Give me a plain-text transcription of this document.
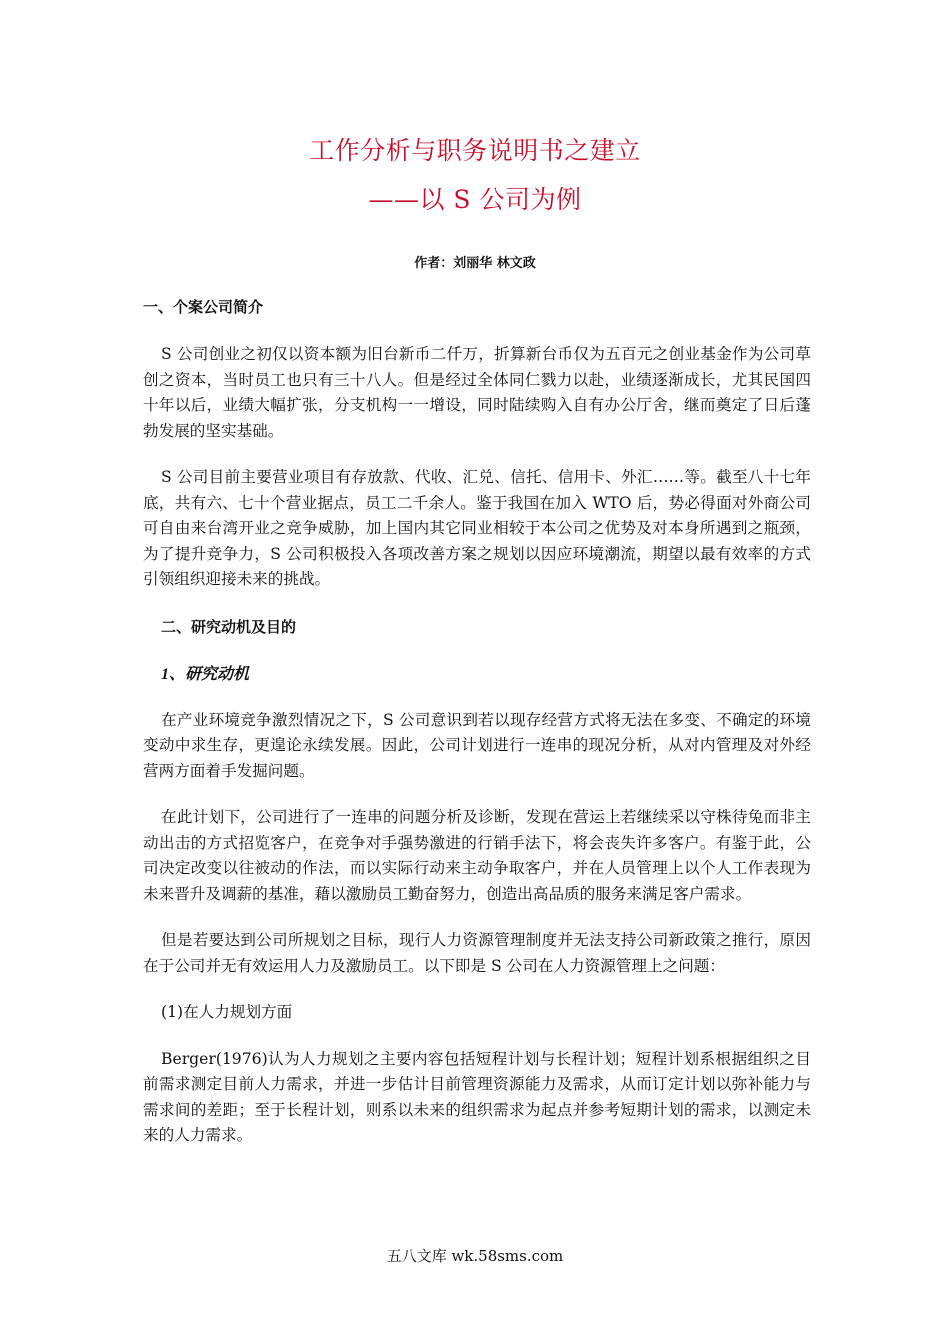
工作分析与职务说明书之建立
——以 S 公司为例
作者：刘丽华 林文政
一、个案公司简介

S 公司创业之初仅以资本额为旧台新币二仟万，折算新台币仅为五百元之创业基金作为公司草创之资本，当时员工也只有三十八人。但是经过全体同仁戮力以赴，业绩逐渐成长，尤其民国四十年以后，业绩大幅扩张，分支机构一一增设，同时陆续购入自有办公厅舍，继而奠定了日后蓬勃发展的坚实基础。

S 公司目前主要营业项目有存放款、代收、汇兑、信托、信用卡、外汇……等。截至八十七年底，共有六、七十个营业据点，员工二千余人。鉴于我国在加入 WTO 后，势必得面对外商公司可自由来台湾开业之竞争威胁，加上国内其它同业相较于本公司之优势及对本身所遇到之瓶颈，为了提升竞争力，S 公司积极投入各项改善方案之规划以因应环境潮流，期望以最有效率的方式引领组织迎接未来的挑战。

二、研究动机及目的
1、研究动机

在产业环境竞争激烈情况之下，S 公司意识到若以现存经营方式将无法在多变、不确定的环境变动中求生存，更遑论永续发展。因此，公司计划进行一连串的现况分析，从对内管理及对外经营两方面着手发掘问题。

在此计划下，公司进行了一连串的问题分析及诊断，发现在营运上若继续采以守株待兔而非主动出击的方式招览客户，在竞争对手强势激进的行销手法下，将会丧失许多客户。有鉴于此，公司决定改变以往被动的作法，而以实际行动来主动争取客户，并在人员管理上以个人工作表现为未来晋升及调薪的基准，藉以激励员工勤奋努力，创造出高品质的服务来满足客户需求。

但是若要达到公司所规划之目标，现行人力资源管理制度并无法支持公司新政策之推行，原因在于公司并无有效运用人力及激励员工。以下即是 S 公司在人力资源管理上之问题：

(1)在人力规划方面

Berger(1976)认为人力规划之主要内容包括短程计划与长程计划；短程计划系根据组织之目前需求测定目前人力需求，并进一步估计目前管理资源能力及需求，从而订定计划以弥补能力与需求间的差距；至于长程计划，则系以未来的组织需求为起点并参考短期计划的需求，以测定未来的人力需求。

五八文库 wk.58sms.com
